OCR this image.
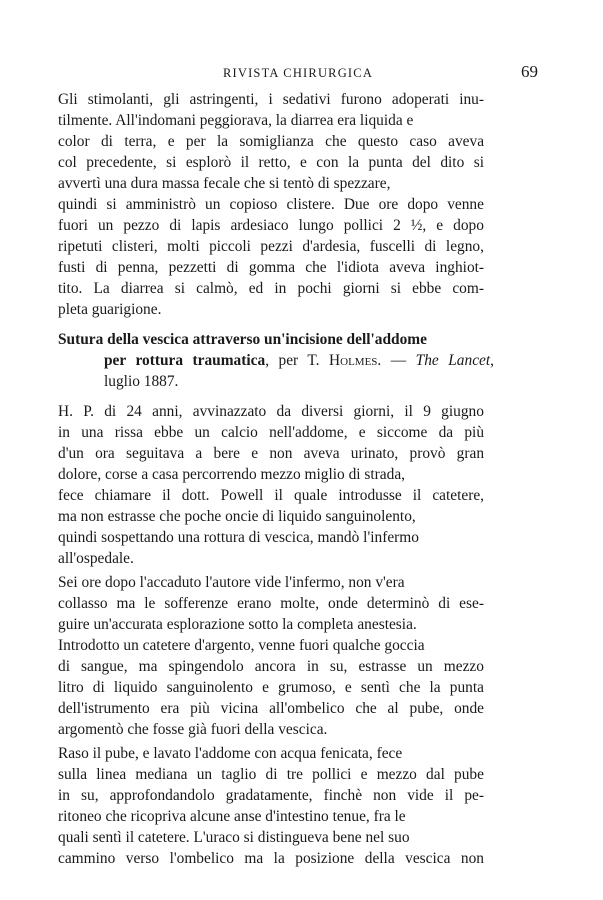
RIVISTA CHIRURGICA	69
Gli stimolanti, gli astringenti, i sedativi furono adoperati inu-
tilmente. All'indomani peggiorava, la diarrea era liquida e
color di terra, e per la somiglianza che questo caso aveva
col precedente, si esplorò il retto, e con la punta del dito si
avvertì una dura massa fecale che si tentò di spezzare,
quindi si amministrò un copioso clistere. Due ore dopo venne
fuori un pezzo di lapis ardesiaco lungo pollici 2 ½, e dopo
ripetuti clisteri, molti piccoli pezzi d'ardesia, fuscelli di legno,
fusti di penna, pezzetti di gomma che l'idiota aveva inghiot-
tito. La diarrea si calmò, ed in pochi giorni si ebbe com-
pleta guarigione.
Sutura della vescica attraverso un'incisione dell'addome
per rottura traumatica, per T. Holmes. — The Lancet,
luglio 1887.
H. P. di 24 anni, avvinazzato da diversi giorni, il 9 giugno
in una rissa ebbe un calcio nell'addome, e siccome da più
d'un ora seguitava a bere e non aveva urinato, provò gran
dolore, corse a casa percorrendo mezzo miglio di strada,
fece chiamare il dott. Powell il quale introdusse il catetere,
ma non estrasse che poche oncie di liquido sanguinolento,
quindi sospettando una rottura di vescica, mandò l'infermo
all'ospedale.
Sei ore dopo l'accaduto l'autore vide l'infermo, non v'era
collasso ma le sofferenze erano molte, onde determinò di ese-
guire un'accurata esplorazione sotto la completa anestesia.
Introdotto un catetere d'argento, venne fuori qualche goccia
di sangue, ma spingendolo ancora in su, estrasse un mezzo
litro di liquido sanguinolento e grumoso, e sentì che la punta
dell'istrumento era più vicina all'ombelico che al pube, onde
argomentò che fosse già fuori della vescica.
Raso il pube, e lavato l'addome con acqua fenicata, fece
sulla linea mediana un taglio di tre pollici e mezzo dal pube
in su, approfondandolo gradatamente, finchè non vide il pe-
ritoneo che ricopriva alcune anse d'intestino tenue, fra le
quali sentì il catetere. L'uraco si distingueva bene nel suo
cammino verso l'ombelico ma la posizione della vescica non
